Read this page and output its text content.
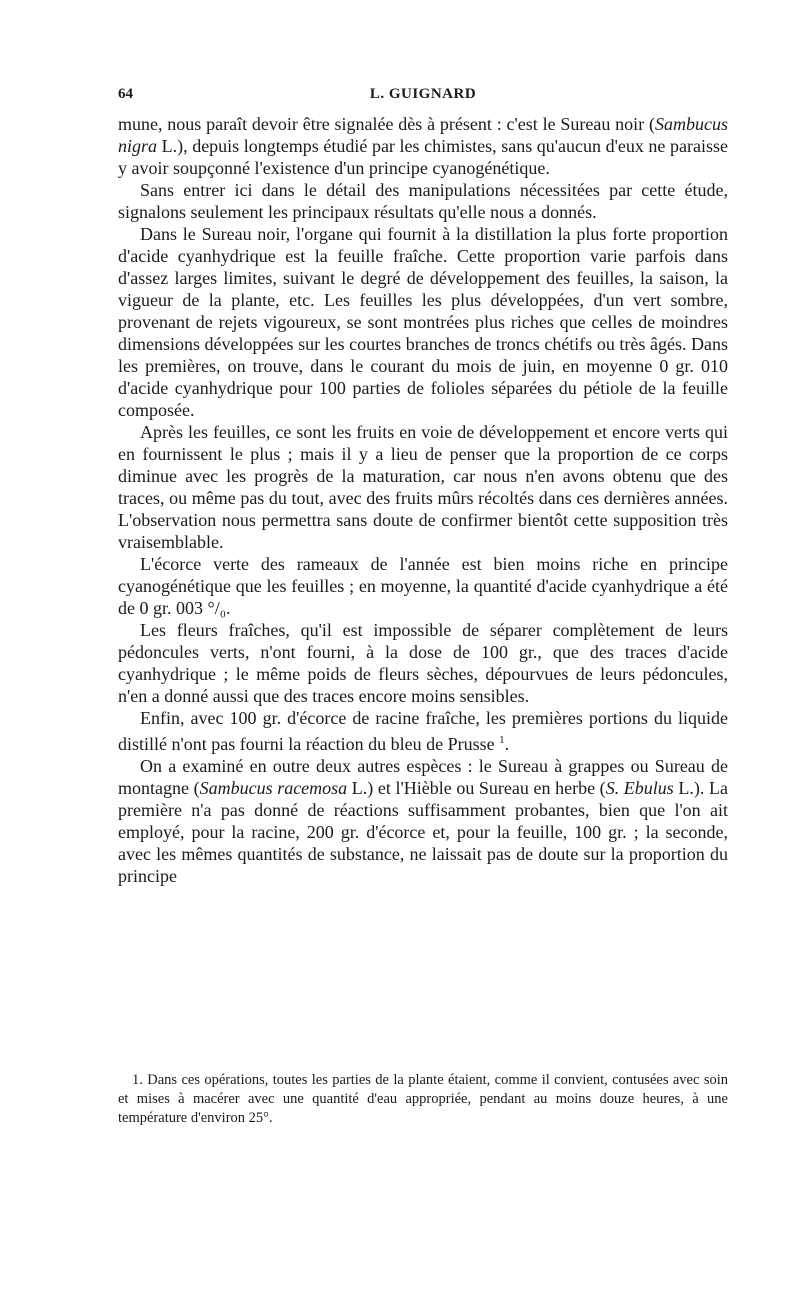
64	L. GUIGNARD

mune, nous paraît devoir être signalée dès à présent : c'est le Sureau noir (Sambucus nigra L.), depuis longtemps étudié par les chimistes, sans qu'aucun d'eux ne paraisse y avoir soupçonné l'existence d'un principe cyanogénétique.

Sans entrer ici dans le détail des manipulations nécessitées par cette étude, signalons seulement les principaux résultats qu'elle nous a donnés.

Dans le Sureau noir, l'organe qui fournit à la distillation la plus forte proportion d'acide cyanhydrique est la feuille fraîche. Cette proportion varie parfois dans d'assez larges limites, suivant le degré de développement des feuilles, la saison, la vigueur de la plante, etc. Les feuilles les plus développées, d'un vert sombre, provenant de rejets vigoureux, se sont montrées plus riches que celles de moindres dimensions développées sur les courtes branches de troncs chétifs ou très âgés. Dans les premières, on trouve, dans le courant du mois de juin, en moyenne 0 gr. 010 d'acide cyanhydrique pour 100 parties de folioles séparées du pétiole de la feuille composée.

Après les feuilles, ce sont les fruits en voie de développement et encore verts qui en fournissent le plus ; mais il y a lieu de penser que la proportion de ce corps diminue avec les progrès de la maturation, car nous n'en avons obtenu que des traces, ou même pas du tout, avec des fruits mûrs récoltés dans ces dernières années. L'observation nous permettra sans doute de confirmer bientôt cette supposition très vraisemblable.

L'écorce verte des rameaux de l'année est bien moins riche en principe cyanogénétique que les feuilles ; en moyenne, la quantité d'acide cyanhydrique a été de 0 gr. 003 °/₀.

Les fleurs fraîches, qu'il est impossible de séparer complètement de leurs pédoncules verts, n'ont fourni, à la dose de 100 gr., que des traces d'acide cyanhydrique ; le même poids de fleurs sèches, dépourvues de leurs pédoncules, n'en a donné aussi que des traces encore moins sensibles.

Enfin, avec 100 gr. d'écorce de racine fraîche, les premières portions du liquide distillé n'ont pas fourni la réaction du bleu de Prusse $^1$.

On a examiné en outre deux autres espèces : le Sureau à grappes ou Sureau de montagne (Sambucus racemosa L.) et l'Hièble ou Sureau en herbe (S. Ebulus L.). La première n'a pas donné de réactions suffisamment probantes, bien que l'on ait employé, pour la racine, 200 gr. d'écorce et, pour la feuille, 100 gr. ; la seconde, avec les mêmes quantités de substance, ne laissait pas de doute sur la proportion du principe

1. Dans ces opérations, toutes les parties de la plante étaient, comme il convient, contusées avec soin et mises à macérer avec une quantité d'eau appropriée, pendant au moins douze heures, à une température d'environ 25°.
